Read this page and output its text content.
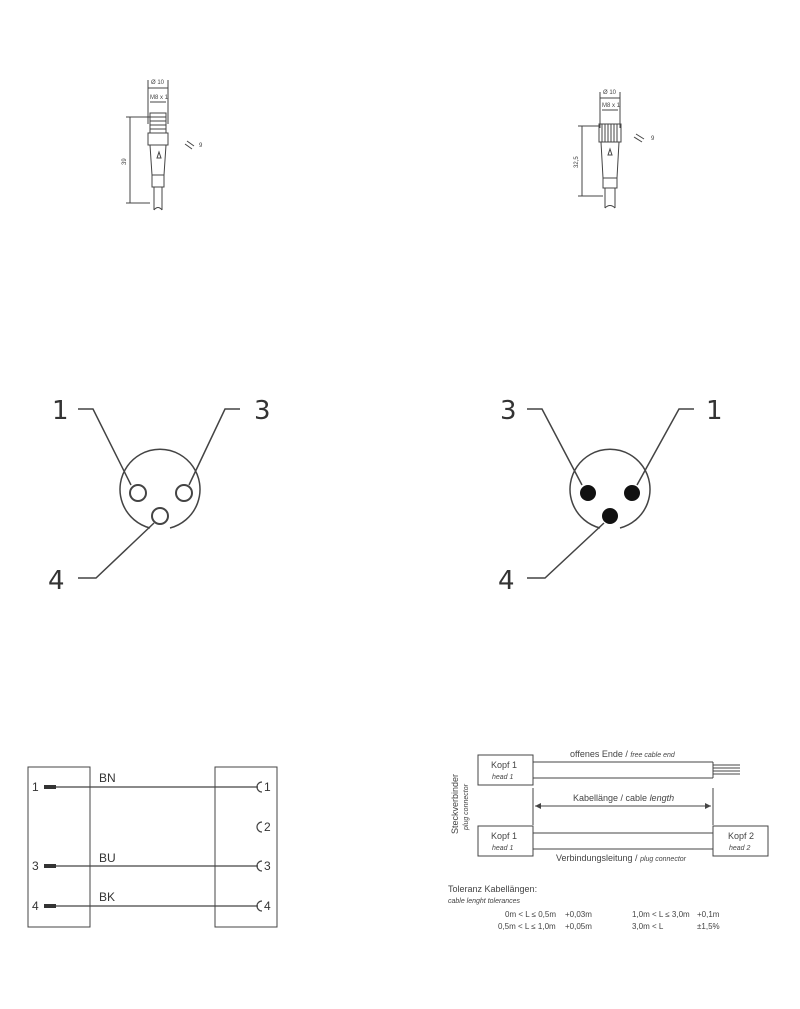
Ø 10
M8 x 1
39
9
Ø 10
M8 x 1
32,5
9
1	3
4
3	1
4
1
3
4
1
2
3
4
BN
BU
BK
Steckverbinder plug connector
Kopf 1
head 1
offenes Ende / free cable end
Kabellänge / cable length
Kopf 1
head 1
Kopf 2
head 2
Verbindungsleitung / plug connector
Toleranz Kabellängen:
cable lenght tolerances
0m < L ≤ 0,5m +0,03m	1,0m < L ≤ 3,0m +0,1m
0,5m < L ≤ 1,0m +0,05m	3,0m < L	±1,5%
